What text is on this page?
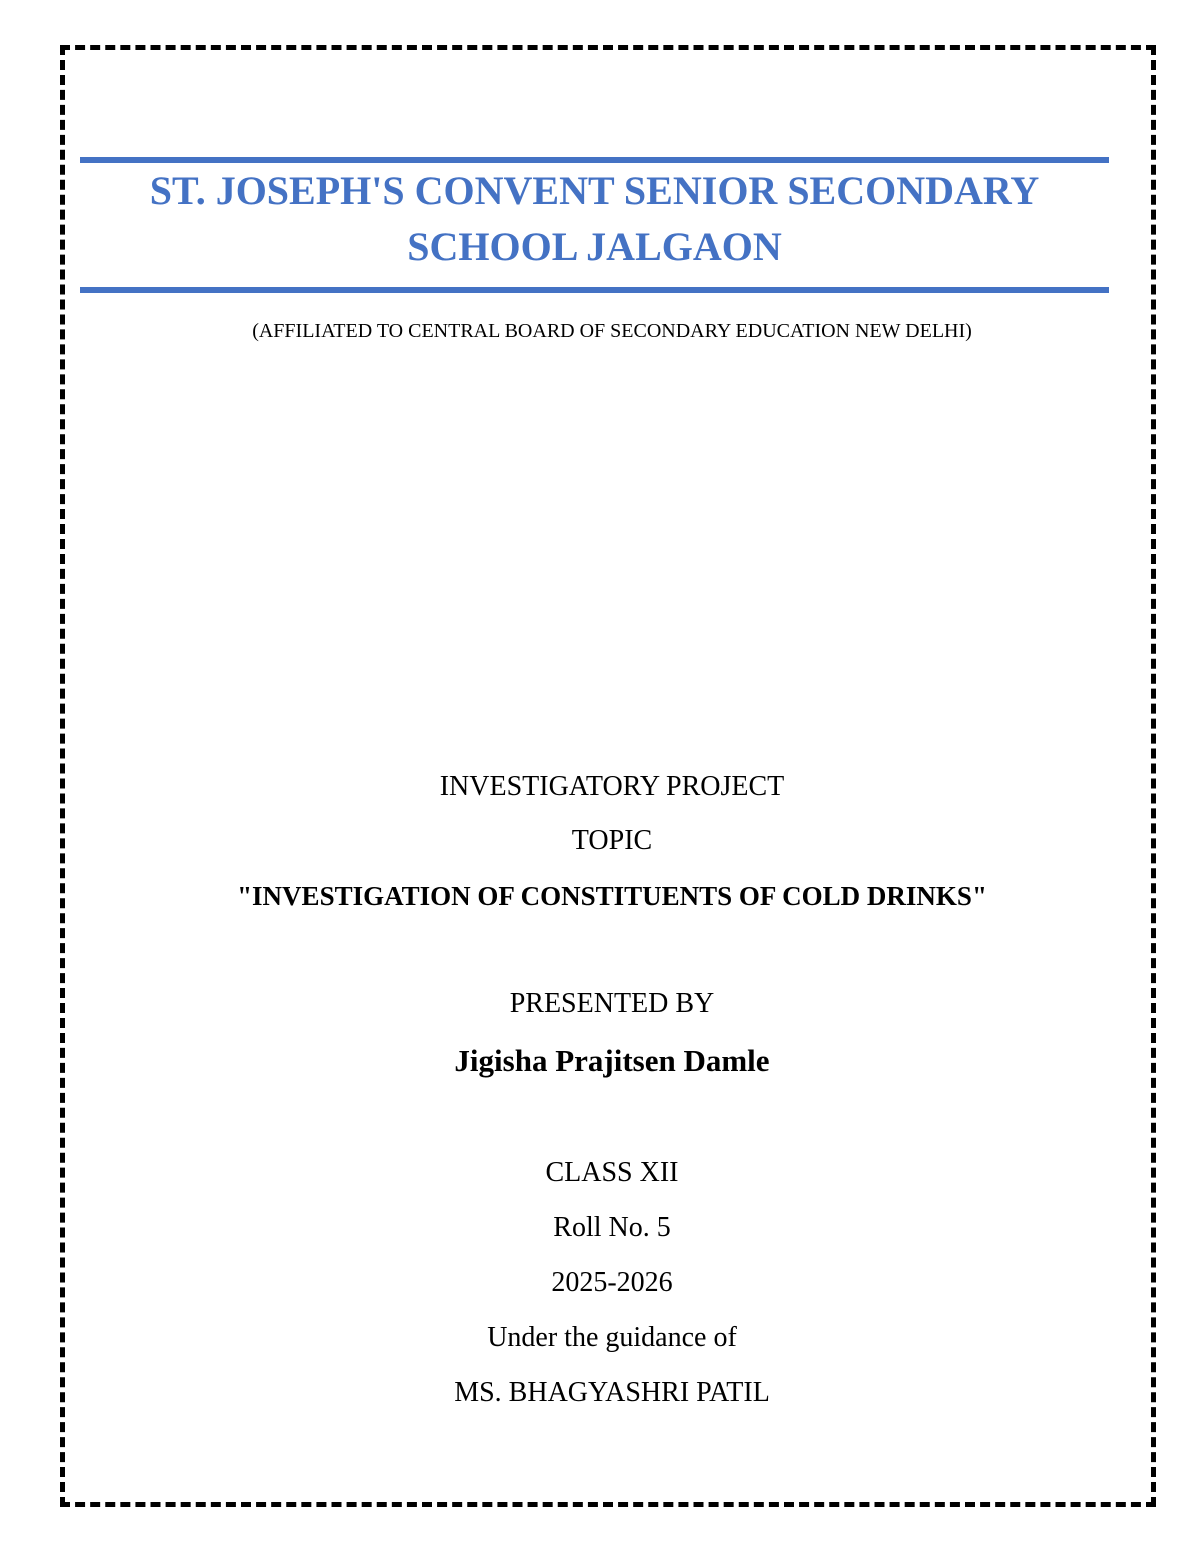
ST. JOSEPH'S CONVENT SENIOR SECONDARY
SCHOOL JALGAON
(AFFILIATED TO CENTRAL BOARD OF SECONDARY EDUCATION NEW DELHI)
INVESTIGATORY PROJECT
TOPIC
"INVESTIGATION OF CONSTITUENTS OF COLD DRINKS"
PRESENTED BY
Jigisha Prajitsen Damle
CLASS XII
Roll No. 5
2025-2026
Under the guidance of
MS. BHAGYASHRI PATIL
